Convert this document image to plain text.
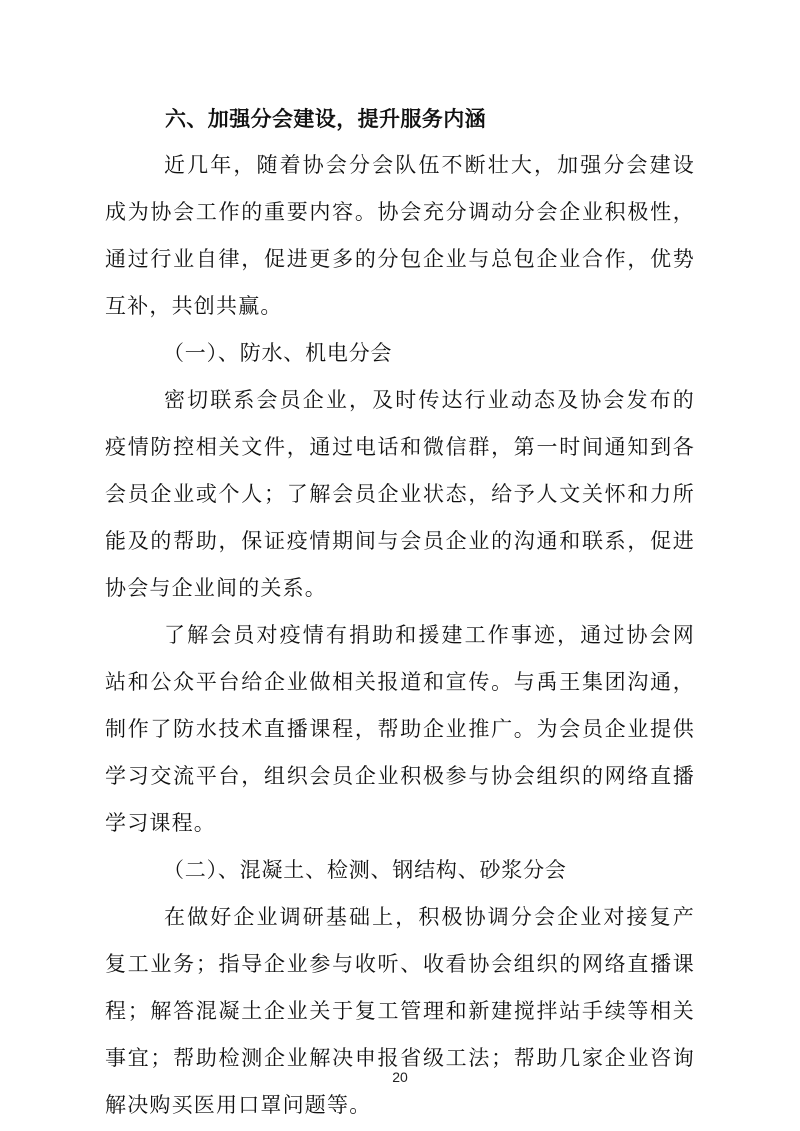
六、加强分会建设，提升服务内涵

近几年，随着协会分会队伍不断壮大，加强分会建设成为协会工作的重要内容。协会充分调动分会企业积极性，通过行业自律，促进更多的分包企业与总包企业合作，优势互补，共创共赢。

（一）、防水、机电分会

密切联系会员企业，及时传达行业动态及协会发布的疫情防控相关文件，通过电话和微信群，第一时间通知到各会员企业或个人；了解会员企业状态，给予人文关怀和力所能及的帮助，保证疫情期间与会员企业的沟通和联系，促进协会与企业间的关系。

了解会员对疫情有捐助和援建工作事迹，通过协会网站和公众平台给企业做相关报道和宣传。与禹王集团沟通，制作了防水技术直播课程，帮助企业推广。为会员企业提供学习交流平台，组织会员企业积极参与协会组织的网络直播学习课程。

（二）、混凝土、检测、钢结构、砂浆分会

在做好企业调研基础上，积极协调分会企业对接复产复工业务；指导企业参与收听、收看协会组织的网络直播课程；解答混凝土企业关于复工管理和新建搅拌站手续等相关事宜；帮助检测企业解决申报省级工法；帮助几家企业咨询解决购买医用口罩问题等。

20
